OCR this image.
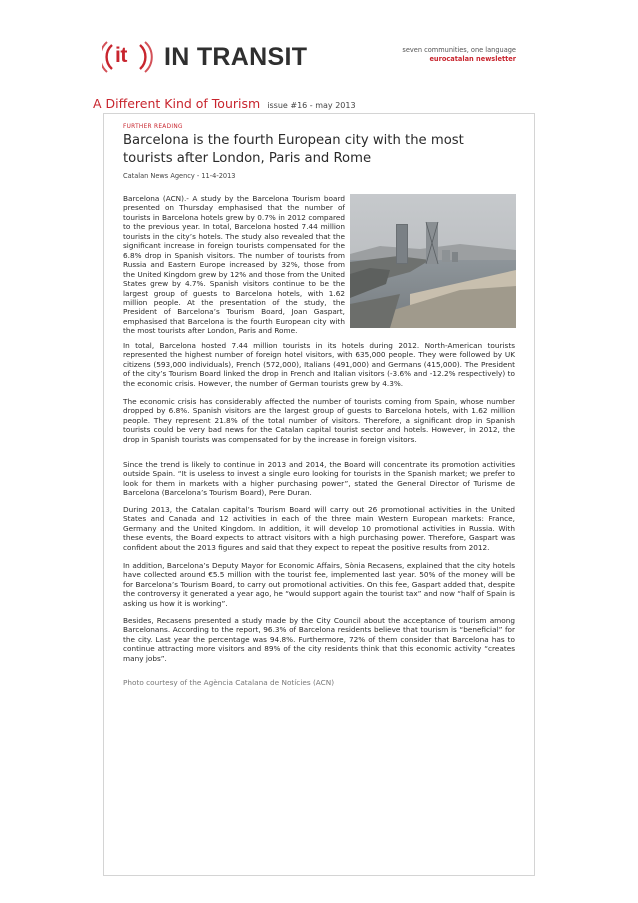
it IN TRANSIT	seven communities, one language
eurocatalan newsletter
A Different Kind of Tourism issue #16 - may 2013
FURTHER READING
Barcelona is the fourth European city with the most tourists after London, Paris and Rome
Catalan News Agency - 11-4-2013

Barcelona (ACN).- A study by the Barcelona Tourism board presented on Thursday emphasised that the number of tourists in Barcelona hotels grew by 0.7% in 2012 compared to the previous year. In total, Barcelona hosted 7.44 million tourists in the city’s hotels. The study also revealed that the significant increase in foreign tourists compensated for the 6.8% drop in Spanish visitors. The number of tourists from Russia and Eastern Europe increased by 32%, those from the United Kingdom grew by 12% and those from the United States grew by 4.7%. Spanish visitors continue to be the largest group of guests to Barcelona hotels, with 1.62 million people. At the presentation of the study, the President of Barcelona’s Tourism Board, Joan Gaspart, emphasised that Barcelona is the fourth European city with the most tourists after London, Paris and Rome.

In total, Barcelona hosted 7.44 million tourists in its hotels during 2012. North-American tourists represented the highest number of foreign hotel visitors, with 635,000 people. They were followed by UK citizens (593,000 individuals), French (572,000), Italians (491,000) and Germans (415,000). The President of the city’s Tourism Board linked the drop in French and Italian visitors (-3.6% and -12.2% respectively) to the economic crisis. However, the number of German tourists grew by 4.3%.

The economic crisis has considerably affected the number of tourists coming from Spain, whose number dropped by 6.8%. Spanish visitors are the largest group of guests to Barcelona hotels, with 1.62 million people. They represent 21.8% of the total number of visitors. Therefore, a significant drop in Spanish tourists could be very bad news for the Catalan capital tourist sector and hotels. However, in 2012, the drop in Spanish tourists was compensated for by the increase in foreign visitors.

Since the trend is likely to continue in 2013 and 2014, the Board will concentrate its promotion activities outside Spain. “It is useless to invest a single euro looking for tourists in the Spanish market; we prefer to look for them in markets with a higher purchasing power”, stated the General Director of Turisme de Barcelona (Barcelona’s Tourism Board), Pere Duran.

During 2013, the Catalan capital’s Tourism Board will carry out 26 promotional activities in the United States and Canada and 12 activities in each of the three main Western European markets: France, Germany and the United Kingdom. In addition, it will develop 10 promotional activities in Russia. With these events, the Board expects to attract visitors with a high purchasing power. Therefore, Gaspart was confident about the 2013 figures and said that they expect to repeat the positive results from 2012.

In addition, Barcelona’s Deputy Mayor for Economic Affairs, Sònia Recasens, explained that the city hotels have collected around €5.5 million with the tourist fee, implemented last year. 50% of the money will be for Barcelona’s Tourism Board, to carry out promotional activities. On this fee, Gaspart added that, despite the controversy it generated a year ago, he “would support again the tourist tax” and now “half of Spain is asking us how it is working”.

Besides, Recasens presented a study made by the City Council about the acceptance of tourism among Barcelonans. According to the report, 96.3% of Barcelona residents believe that tourism is “beneficial” for the city. Last year the percentage was 94.8%. Furthermore, 72% of them consider that Barcelona has to continue attracting more visitors and 89% of the city residents think that this economic activity “creates many jobs”.

Photo courtesy of the Agència Catalana de Notícies (ACN)
